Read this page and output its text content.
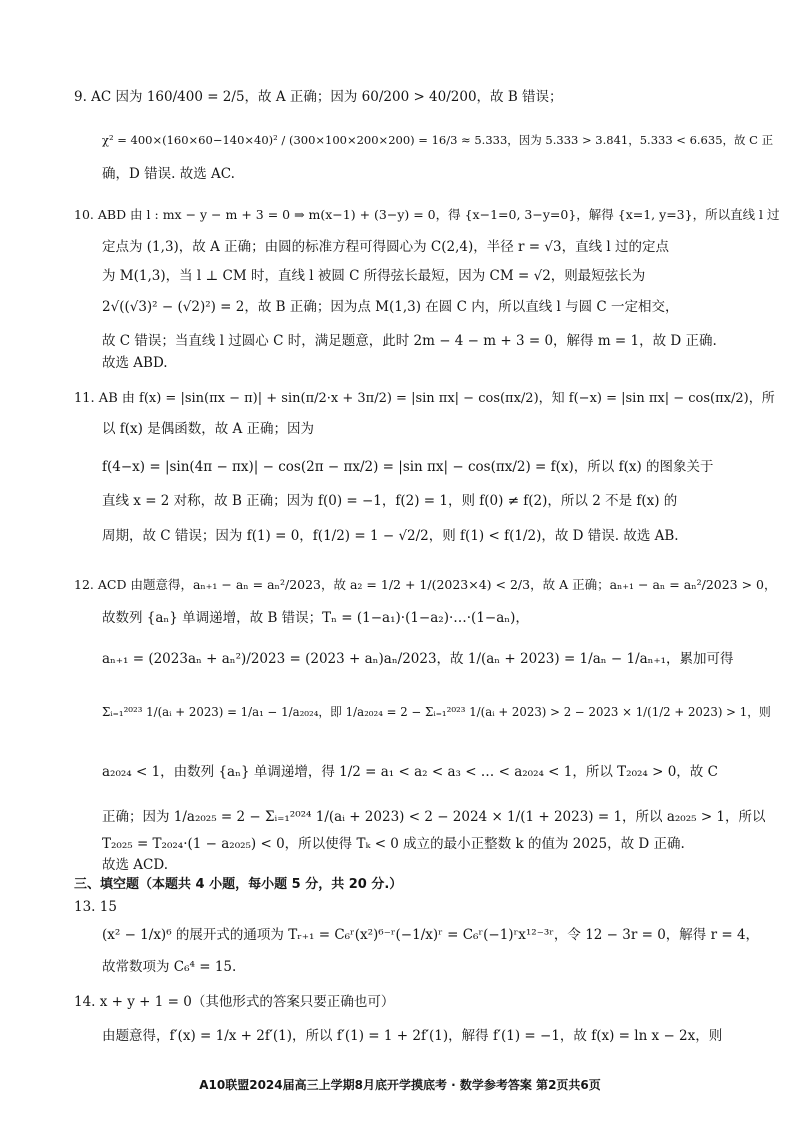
9. AC 因为 160/400 = 2/5，故 A 正确；因为 60/200 > 40/200，故 B 错误；
χ² = 400×(160×60−140×40)² / (300×100×200×200) = 16/3 ≈ 5.333，因为 5.333 > 3.841，5.333 < 6.635，故 C 正
确，D 错误. 故选 AC.
10. ABD 由 l : mx − y − m + 3 = 0 ⇒ m(x−1) + (3−y) = 0，得 {x−1=0, 3−y=0}，解得 {x=1, y=3}，所以直线 l 过
定点为 (1,3)，故 A 正确；由圆的标准方程可得圆心为 C(2,4)，半径 r = √3，直线 l 过的定点
为 M(1,3)，当 l ⊥ CM 时，直线 l 被圆 C 所得弦长最短，因为 CM = √2，则最短弦长为
2√((√3)² − (√2)²) = 2，故 B 正确；因为点 M(1,3) 在圆 C 内，所以直线 l 与圆 C 一定相交，
故 C 错误；当直线 l 过圆心 C 时，满足题意，此时 2m − 4 − m + 3 = 0，解得 m = 1，故 D 正确.
故选 ABD.
11. AB 由 f(x) = |sin(πx − π)| + sin(π/2·x + 3π/2) = |sin πx| − cos(πx/2)，知 f(−x) = |sin πx| − cos(πx/2)，所
以 f(x) 是偶函数，故 A 正确；因为
f(4−x) = |sin(4π − πx)| − cos(2π − πx/2) = |sin πx| − cos(πx/2) = f(x)，所以 f(x) 的图象关于
直线 x = 2 对称，故 B 正确；因为 f(0) = −1，f(2) = 1，则 f(0) ≠ f(2)，所以 2 不是 f(x) 的
周期，故 C 错误；因为 f(1) = 0，f(1/2) = 1 − √2/2，则 f(1) < f(1/2)，故 D 错误. 故选 AB.
12. ACD 由题意得，aₙ₊₁ − aₙ = aₙ²/2023，故 a₂ = 1/2 + 1/(2023×4) < 2/3，故 A 正确；aₙ₊₁ − aₙ = aₙ²/2023 > 0，
故数列 {aₙ} 单调递增，故 B 错误；Tₙ = (1−a₁)·(1−a₂)·…·(1−aₙ)，
aₙ₊₁ = (2023aₙ + aₙ²)/2023 = (2023 + aₙ)aₙ/2023，故 1/(aₙ + 2023) = 1/aₙ − 1/aₙ₊₁，累加可得
Σᵢ₌₁²⁰²³ 1/(aᵢ + 2023) = 1/a₁ − 1/a₂₀₂₄，即 1/a₂₀₂₄ = 2 − Σᵢ₌₁²⁰²³ 1/(aᵢ + 2023) > 2 − 2023 × 1/(1/2 + 2023) > 1，则
a₂₀₂₄ < 1，由数列 {aₙ} 单调递增，得 1/2 = a₁ < a₂ < a₃ < … < a₂₀₂₄ < 1，所以 T₂₀₂₄ > 0，故 C
正确；因为 1/a₂₀₂₅ = 2 − Σᵢ₌₁²⁰²⁴ 1/(aᵢ + 2023) < 2 − 2024 × 1/(1 + 2023) = 1，所以 a₂₀₂₅ > 1，所以
T₂₀₂₅ = T₂₀₂₄·(1 − a₂₀₂₅) < 0，所以使得 Tₖ < 0 成立的最小正整数 k 的值为 2025，故 D 正确.
故选 ACD.
三、填空题（本题共 4 小题，每小题 5 分，共 20 分.）
13. 15
(x² − 1/x)⁶ 的展开式的通项为 Tᵣ₊₁ = C₆ʳ(x²)⁶⁻ʳ(−1/x)ʳ = C₆ʳ(−1)ʳx¹²⁻³ʳ，令 12 − 3r = 0，解得 r = 4，
故常数项为 C₆⁴ = 15.
14. x + y + 1 = 0（其他形式的答案只要正确也可）
由题意得，f′(x) = 1/x + 2f′(1)，所以 f′(1) = 1 + 2f′(1)，解得 f′(1) = −1，故 f(x) = ln x − 2x，则
A10联盟2024届高三上学期8月底开学摸底考 · 数学参考答案 第2页共6页
